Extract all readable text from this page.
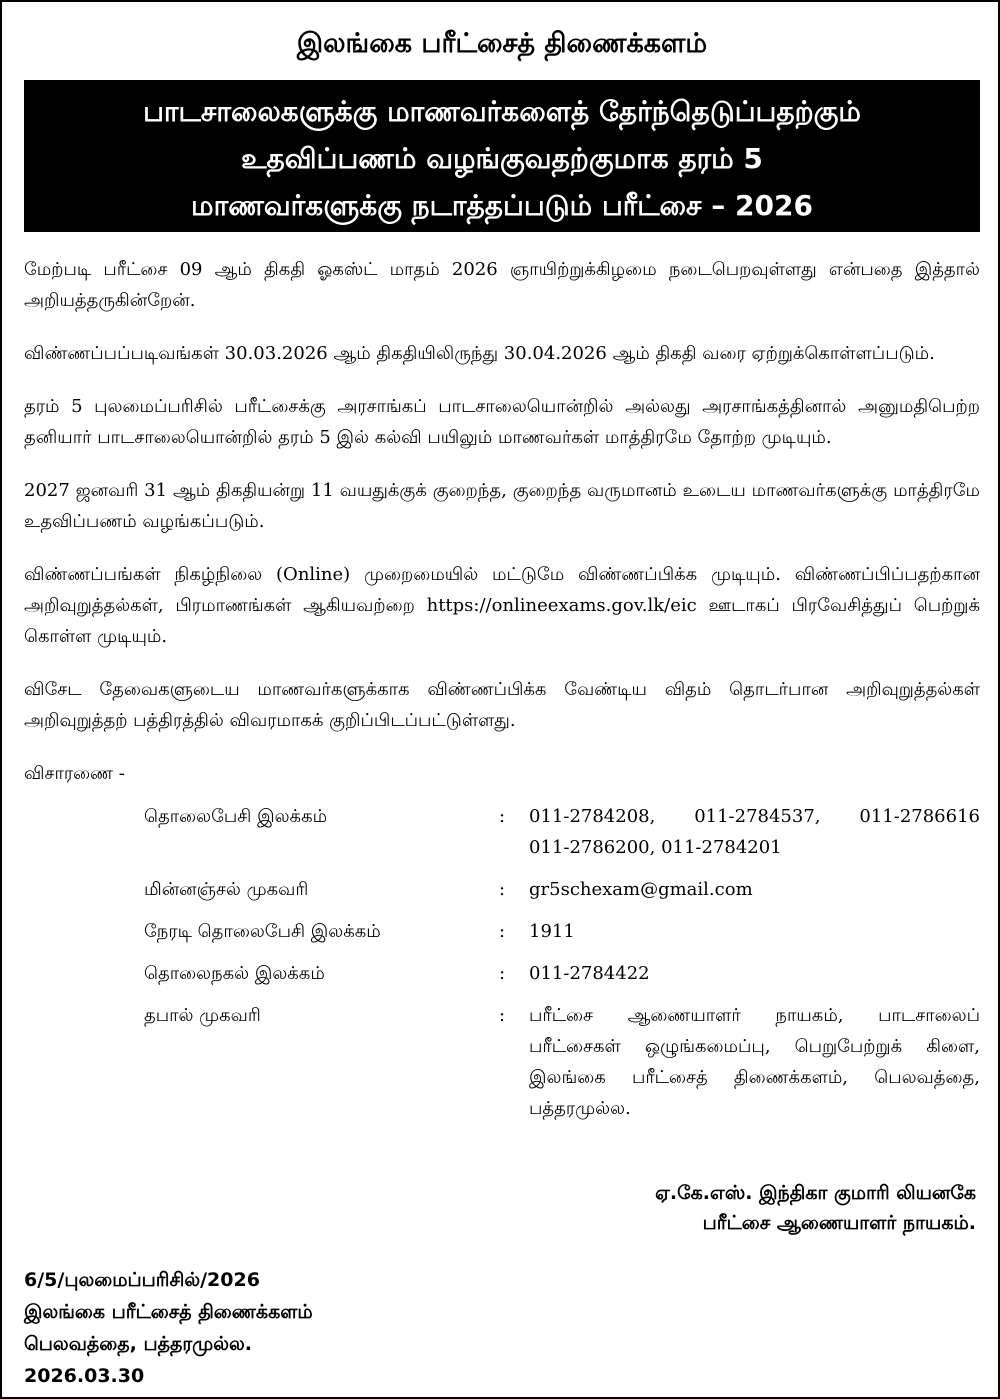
இலங்கை பரீட்சைத் திணைக்களம்
பாடசாலைகளுக்கு மாணவர்களைத் தேர்ந்தெடுப்பதற்கும்
உதவிப்பணம் வழங்குவதற்குமாக தரம் 5
மாணவர்களுக்கு நடாத்தப்படும் பரீட்சை – 2026

மேற்படி பரீட்சை 09 ஆம் திகதி ஓகஸ்ட் மாதம் 2026 ஞாயிற்றுக்கிழமை நடைபெறவுள்ளது என்பதை இத்தால் அறியத்தருகின்றேன்.

விண்ணப்பப்படிவங்கள் 30.03.2026 ஆம் திகதியிலிருந்து 30.04.2026 ஆம் திகதி வரை ஏற்றுக்கொள்ளப்படும்.

தரம் 5 புலமைப்பரிசில் பரீட்சைக்கு அரசாங்கப் பாடசாலையொன்றில் அல்லது அரசாங்கத்தினால் அனுமதிபெற்ற தனியார் பாடசாலையொன்றில் தரம் 5 இல் கல்வி பயிலும் மாணவர்கள் மாத்திரமே தோற்ற முடியும்.

2027 ஜனவரி 31 ஆம் திகதியன்று 11 வயதுக்குக் குறைந்த, குறைந்த வருமானம் உடைய மாணவர்களுக்கு மாத்திரமே உதவிப்பணம் வழங்கப்படும்.

விண்ணப்பங்கள் நிகழ்நிலை (Online) முறைமையில் மட்டுமே விண்ணப்பிக்க முடியும். விண்ணப்பிப்பதற்கான அறிவுறுத்தல்கள், பிரமாணங்கள் ஆகியவற்றை https://onlineexams.gov.lk/eic ஊடாகப் பிரவேசித்துப் பெற்றுக் கொள்ள முடியும்.

விசேட தேவைகளுடைய மாணவர்களுக்காக விண்ணப்பிக்க வேண்டிய விதம் தொடர்பான அறிவுறுத்தல்கள் அறிவுறுத்தற் பத்திரத்தில் விவரமாகக் குறிப்பிடப்பட்டுள்ளது.

விசாரணை -
தொலைபேசி இலக்கம்	:	011-2784208, 011-2784537, 011-2786616
011-2786200, 011-2784201
மின்னஞ்சல் முகவரி	:	gr5schexam@gmail.com
நேரடி தொலைபேசி இலக்கம்	:	1911
தொலைநகல் இலக்கம்	:	011-2784422
தபால் முகவரி	:	பரீட்சை ஆணையாளர் நாயகம், பாடசாலைப் பரீட்சைகள் ஒழுங்கமைப்பு, பெறுபேற்றுக் கிளை, இலங்கை பரீட்சைத் திணைக்களம், பெலவத்தை, பத்தரமுல்ல.
ஏ.கே.எஸ். இந்திகா குமாரி லியனகே
பரீட்சை ஆணையாளர் நாயகம்.
6/5/புலமைப்பரிசில்/2026
இலங்கை பரீட்சைத் திணைக்களம்
பெலவத்தை, பத்தரமுல்ல.
2026.03.30
